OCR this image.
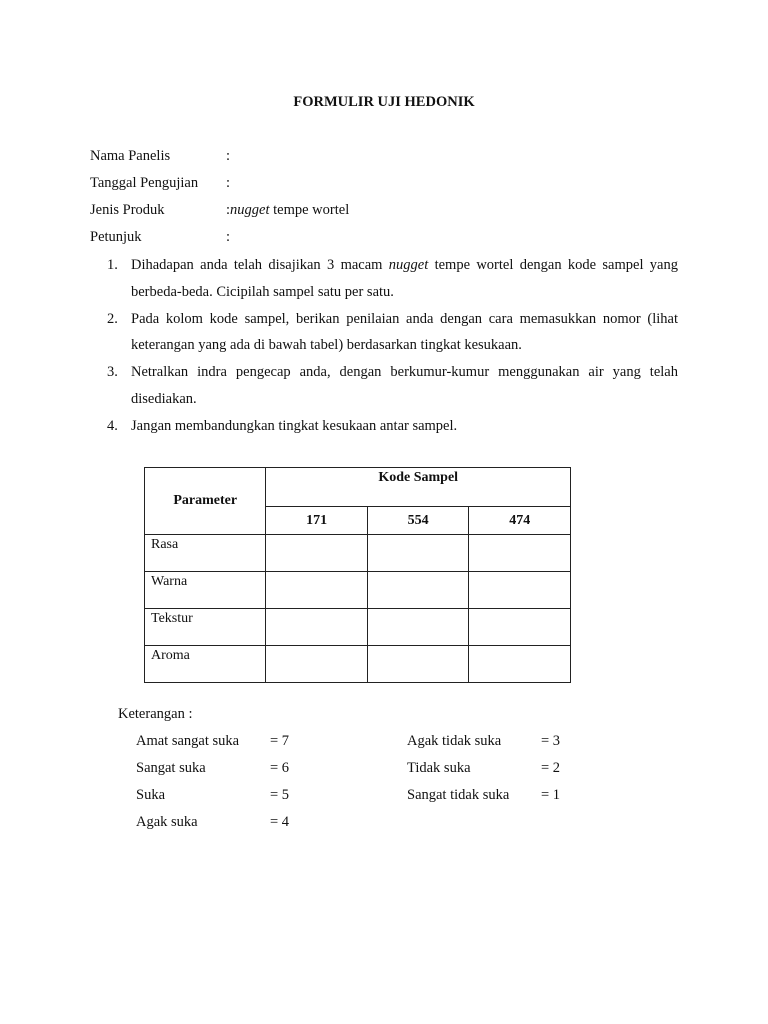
FORMULIR UJI HEDONIK
Nama Panelis	:
Tanggal Pengujian :
Jenis Produk	:nugget tempe wortel
Petunjuk	:
1. Dihadapan anda telah disajikan 3 macam nugget tempe wortel dengan kode sampel yang berbeda-beda. Cicipilah sampel satu per satu.
2. Pada kolom kode sampel, berikan penilaian anda dengan cara memasukkan nomor (lihat keterangan yang ada di bawah tabel) berdasarkan tingkat kesukaan.
3. Netralkan indra pengecap anda, dengan berkumur-kumur menggunakan air yang telah disediakan.
4. Jangan membandungkan tingkat kesukaan antar sampel.
Parameter	Kode Sampel		
	171	554	474
Rasa			
Warna			
Tekstur			
Aroma			
Keterangan :
Amat sangat suka = 7
Sangat suka	= 6
Suka	= 5
Agak suka	= 4
Agak tidak suka	= 3
Tidak suka	= 2
Sangat tidak suka = 1
